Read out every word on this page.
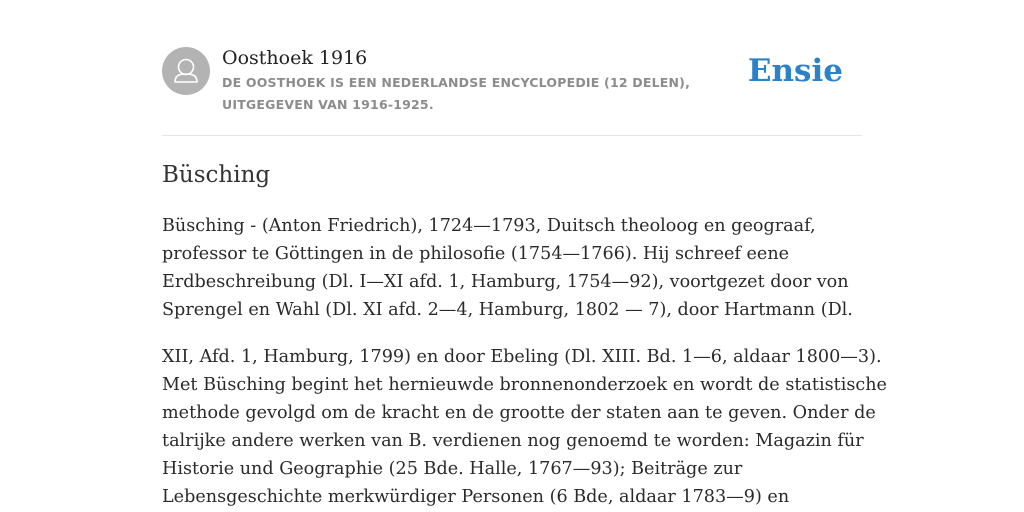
Oosthoek 1916
DE OOSTHOEK IS EEN NEDERLANDSE ENCYCLOPEDIE (12 DELEN), UITGEGEVEN VAN 1916-1925.
Ensie
Büsching

Büsching - (Anton Friedrich), 1724—1793, Duitsch theoloog en geograaf,
professor te Göttingen in de philosofie (1754—1766). Hij schreef eene
Erdbeschreibung (Dl. I—XI afd. 1, Hamburg, 1754—92), voortgezet door von
Sprengel en Wahl (Dl. XI afd. 2—4, Hamburg, 1802 — 7), door Hartmann (Dl.

XII, Afd. 1, Hamburg, 1799) en door Ebeling (Dl. XIII. Bd. 1—6, aldaar 1800—3).
Met Büsching begint het hernieuwde bronnenonderzoek en wordt de statistische
methode gevolgd om de kracht en de grootte der staten aan te geven. Onder de
talrijke andere werken van B. verdienen nog genoemd te worden: Magazin für
Historie und Geographie (25 Bde. Halle, 1767—93); Beiträge zur
Lebensgeschichte merkwürdiger Personen (6 Bde, aldaar 1783—9) en
